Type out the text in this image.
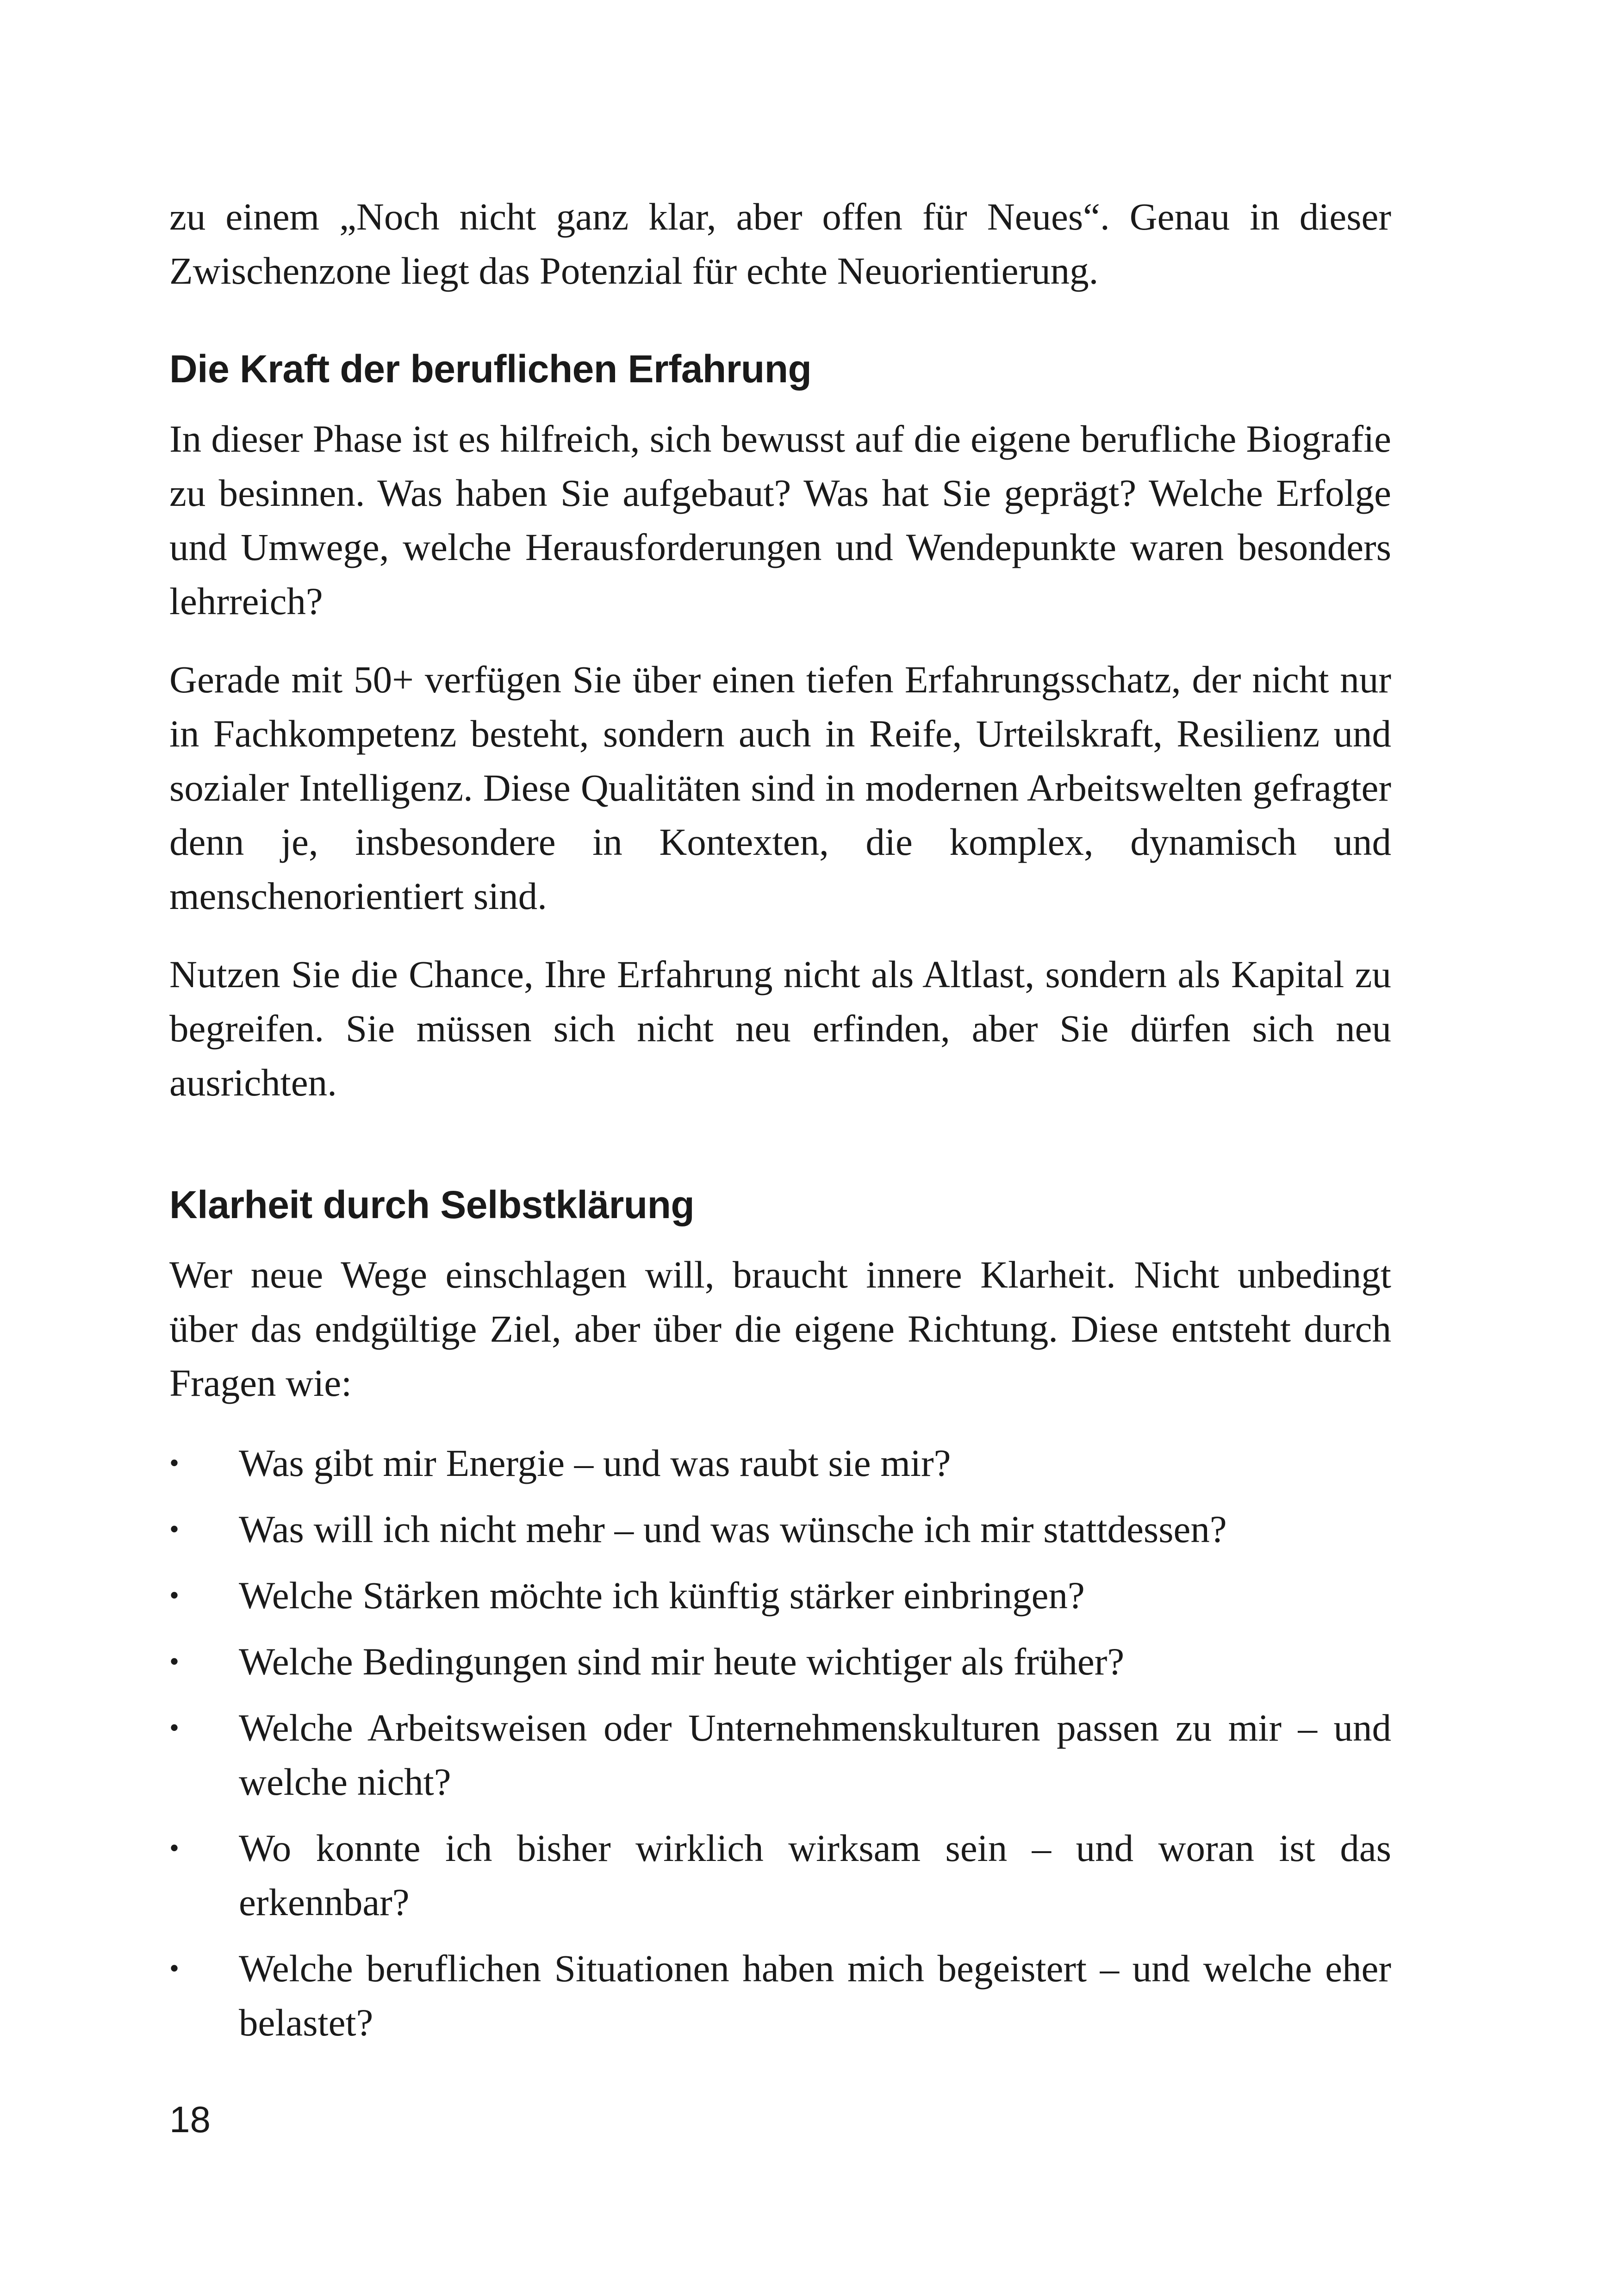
zu einem „Noch nicht ganz klar, aber offen für Neues“. Genau in dieser Zwischenzone liegt das Potenzial für echte Neuorientierung.

Die Kraft der beruflichen Erfahrung

In dieser Phase ist es hilfreich, sich bewusst auf die eigene berufliche Biografie zu besinnen. Was haben Sie aufgebaut? Was hat Sie geprägt? Welche Erfolge und Umwege, welche Herausforderungen und Wendepunkte waren besonders lehrreich?

Gerade mit 50+ verfügen Sie über einen tiefen Erfahrungsschatz, der nicht nur in Fachkompetenz besteht, sondern auch in Reife, Urteilskraft, Resilienz und sozialer Intelligenz. Diese Qualitäten sind in modernen Arbeitswelten gefragter denn je, insbesondere in Kontexten, die komplex, dynamisch und menschenorientiert sind.

Nutzen Sie die Chance, Ihre Erfahrung nicht als Altlast, sondern als Kapital zu begreifen. Sie müssen sich nicht neu erfinden, aber Sie dürfen sich neu ausrichten.

Klarheit durch Selbstklärung

Wer neue Wege einschlagen will, braucht innere Klarheit. Nicht unbedingt über das endgültige Ziel, aber über die eigene Richtung. Diese entsteht durch Fragen wie:

• Was gibt mir Energie – und was raubt sie mir?
• Was will ich nicht mehr – und was wünsche ich mir stattdessen?
• Welche Stärken möchte ich künftig stärker einbringen?
• Welche Bedingungen sind mir heute wichtiger als früher?
• Welche Arbeitsweisen oder Unternehmenskulturen passen zu mir – und welche nicht?
• Wo konnte ich bisher wirklich wirksam sein – und woran ist das erkennbar?
• Welche beruflichen Situationen haben mich begeistert – und welche eher belastet?
18
